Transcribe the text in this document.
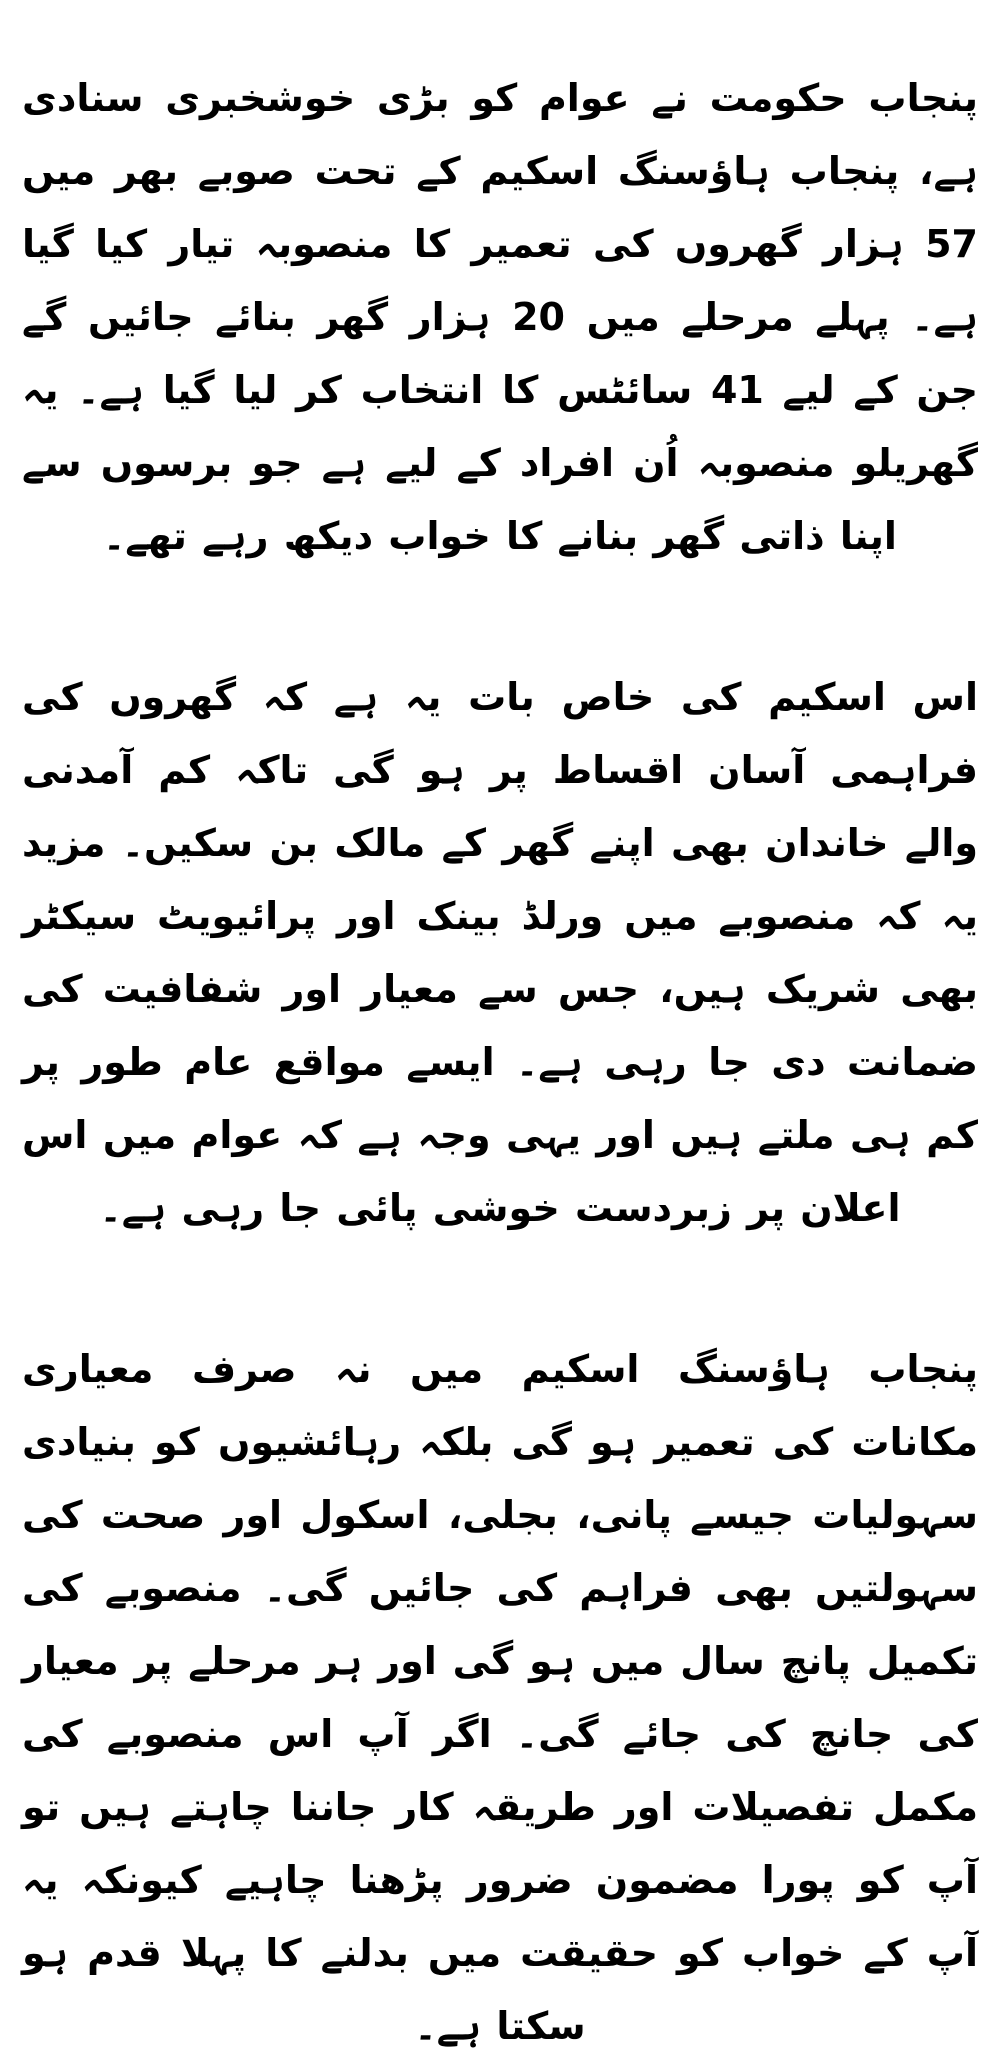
پنجاب حکومت نے عوام کو بڑی خوشخبری سنادی ہے، پنجاب ہاؤسنگ اسکیم کے تحت صوبے بھر میں 57 ہزار گھروں کی تعمیر کا منصوبہ تیار کیا گیا ہے۔ پہلے مرحلے میں 20 ہزار گھر بنائے جائیں گے جن کے لیے 41 سائٹس کا انتخاب کر لیا گیا ہے۔ یہ گھریلو منصوبہ اُن افراد کے لیے ہے جو برسوں سے اپنا ذاتی گھر بنانے کا خواب دیکھ رہے تھے۔

اس اسکیم کی خاص بات یہ ہے کہ گھروں کی فراہمی آسان اقساط پر ہو گی تاکہ کم آمدنی والے خاندان بھی اپنے گھر کے مالک بن سکیں۔ مزید یہ کہ منصوبے میں ورلڈ بینک اور پرائیویٹ سیکٹر بھی شریک ہیں، جس سے معیار اور شفافیت کی ضمانت دی جا رہی ہے۔ ایسے مواقع عام طور پر کم ہی ملتے ہیں اور یہی وجہ ہے کہ عوام میں اس اعلان پر زبردست خوشی پائی جا رہی ہے۔

پنجاب ہاؤسنگ اسکیم میں نہ صرف معیاری مکانات کی تعمیر ہو گی بلکہ رہائشیوں کو بنیادی سہولیات جیسے پانی، بجلی، اسکول اور صحت کی سہولتیں بھی فراہم کی جائیں گی۔ منصوبے کی تکمیل پانچ سال میں ہو گی اور ہر مرحلے پر معیار کی جانچ کی جائے گی۔ اگر آپ اس منصوبے کی مکمل تفصیلات اور طریقہ کار جاننا چاہتے ہیں تو آپ کو پورا مضمون ضرور پڑھنا چاہیے کیونکہ یہ آپ کے خواب کو حقیقت میں بدلنے کا پہلا قدم ہو سکتا ہے۔
